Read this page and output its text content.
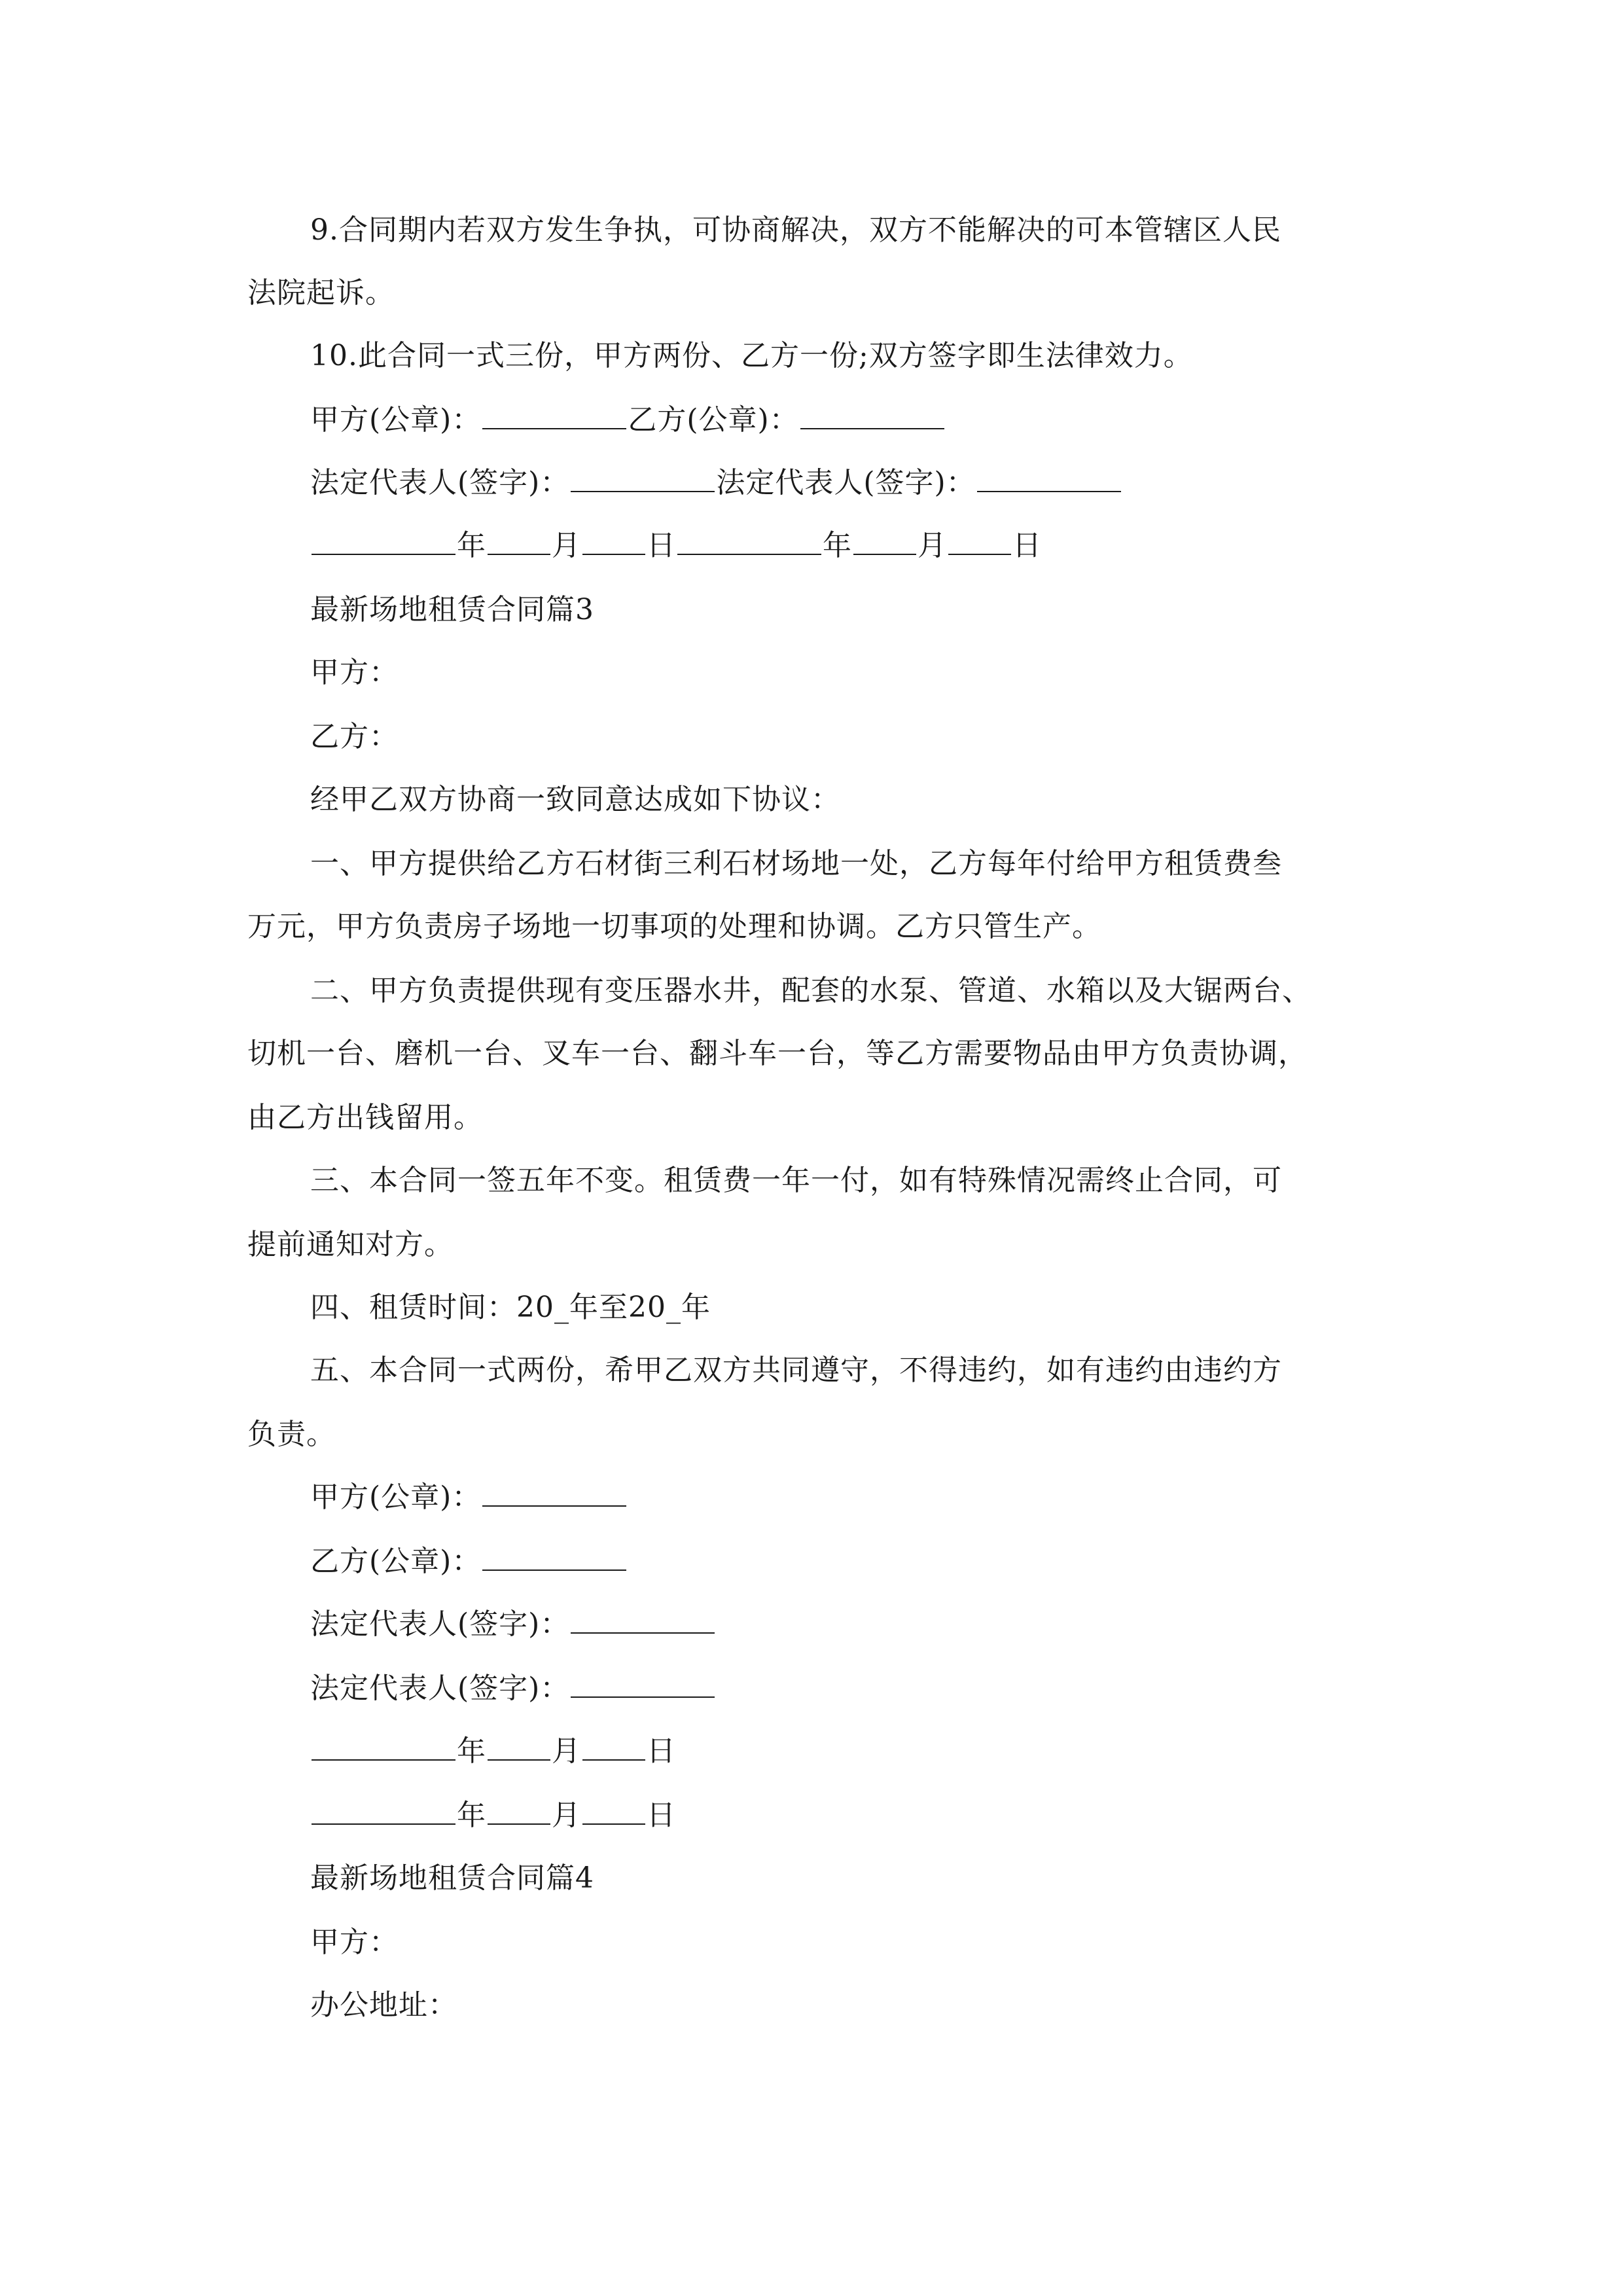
9.合同期内若双方发生争执，可协商解决，双方不能解决的可本管辖区人民
法院起诉。
10.此合同一式三份，甲方两份、乙方一份;双方签字即生法律效力。
甲方(公章)：	乙方(公章)：
法定代表人(签字)：	法定代表人(签字)：
年 月 日	年 月 日
最新场地租赁合同篇3
甲方：
乙方：
经甲乙双方协商一致同意达成如下协议：
一、甲方提供给乙方石材街三利石材场地一处，乙方每年付给甲方租赁费叁
万元，甲方负责房子场地一切事项的处理和协调。乙方只管生产。
二、甲方负责提供现有变压器水井，配套的水泵、管道、水箱以及大锯两台、
切机一台、磨机一台、叉车一台、翻斗车一台，等乙方需要物品由甲方负责协调，
由乙方出钱留用。
三、本合同一签五年不变。租赁费一年一付，如有特殊情况需终止合同，可
提前通知对方。
四、租赁时间：20_年至20_年
五、本合同一式两份，希甲乙双方共同遵守，不得违约，如有违约由违约方
负责。
甲方(公章)：
乙方(公章)：
法定代表人(签字)：
法定代表人(签字)：
年 月 日
年 月 日
最新场地租赁合同篇4
甲方：
办公地址：
